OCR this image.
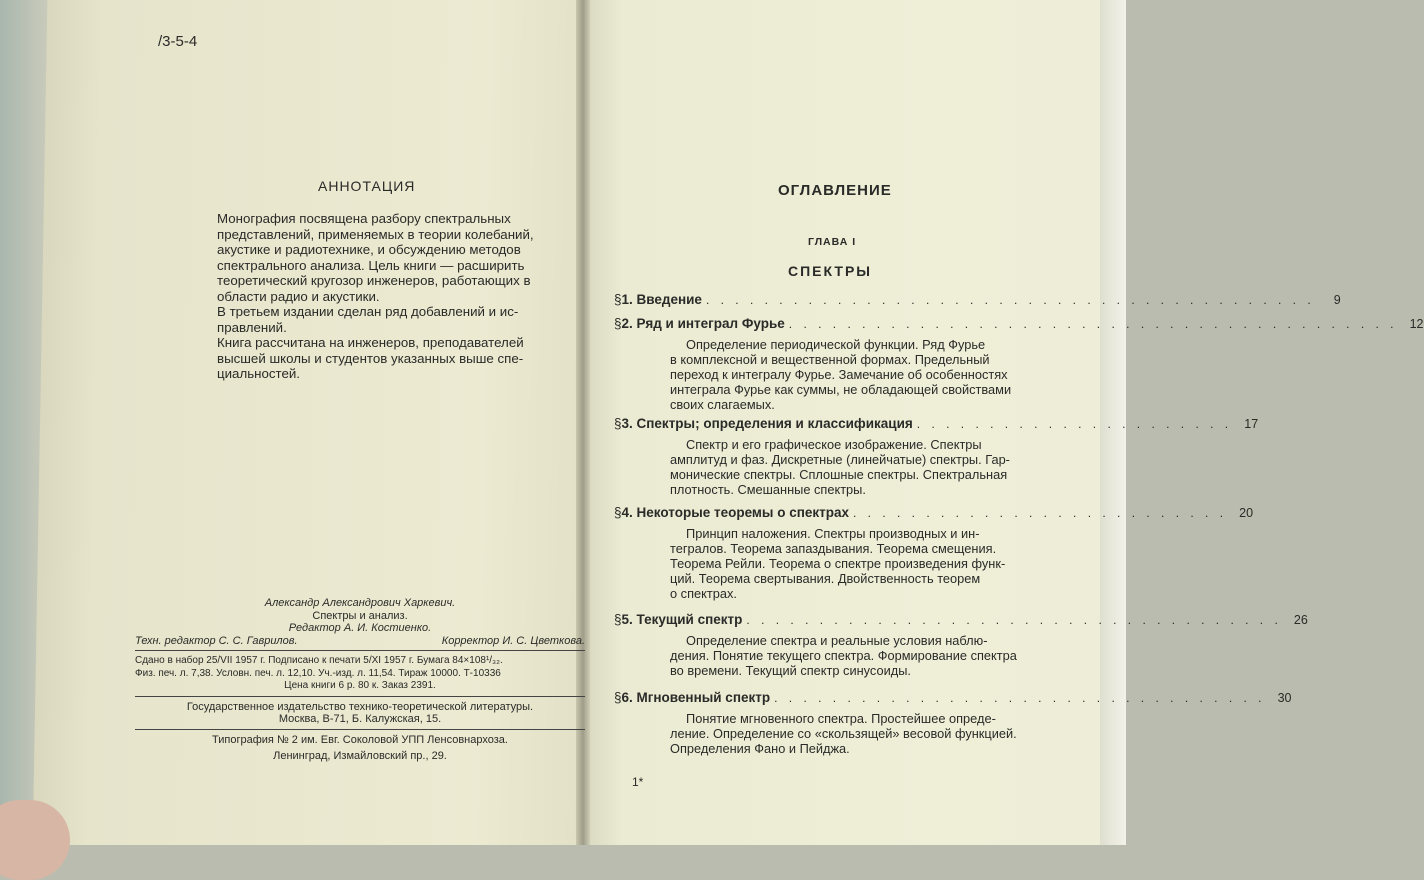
/3-5-4
АННОТАЦИЯ

Монография посвящена разбору спектральных
представлений, применяемых в теории колебаний,
акустике и радиотехнике, и обсуждению методов
спектрального анализа. Цель книги — расширить
теоретический кругозор инженеров, работающих в
области радио и акустики.

В третьем издании сделан ряд добавлений и ис-
правлений.

Книга рассчитана на инженеров, преподавателей
высшей школы и студентов указанных выше спе-
циальностей.

Александр Александрович Харкевич.
Спектры и анализ.
Редактор А. И. Костиенко.
Техн. редактор С. С. Гаврилов.	Корректор И. С. Цветкова.
Сдано в набор 25/VII 1957 г. Подписано к печати 5/XI 1957 г. Бумага 84×108¹/₃₂.
Физ. печ. л. 7,38. Условн. печ. л. 12,10. Уч.-изд. л. 11,54. Тираж 10000. Т-10336
Цена книги 6 р. 80 к. Заказ 2391.
Государственное издательство технико-теоретической литературы.
Москва, В-71, Б. Калужская, 15.
Типография № 2 им. Евг. Соколовой УПП Ленсовнархоза.
Ленинград, Измайловский пр., 29.
ОГЛАВЛЕНИЕ
ГЛАВА I
СПЕКТРЫ
§ 1. Введение . . . . . . . . . . . . . . . . . . . . . . . . . . . . . . . . . . . . . . . . . .	9
§ 2. Ряд и интеграл Фурье . . . . . . . . . . . . . . . . . . . . . . . . . . . . . . . . . . . . . . . . . . 12
Определение периодической функции. Ряд Фурье
в комплексной и вещественной формах. Предельный
переход к интегралу Фурье. Замечание об особенностях
интеграла Фурье как суммы, не обладающей свойствами
своих слагаемых.
§ 3. Спектры; определения и классификация . . . . . . . . . . . . . . . . . . . . . . 17
Спектр и его графическое изображение. Спектры
амплитуд и фаз. Дискретные (линейчатые) спектры. Гар-
монические спектры. Сплошные спектры. Спектральная
плотность. Смешанные спектры.
§ 4. Некоторые теоремы о спектрах . . . . . . . . . . . . . . . . . . . . . . . . . . 20
Принцип наложения. Спектры производных и ин-
тегралов. Теорема запаздывания. Теорема смещения.
Теорема Рейли. Теорема о спектре произведения функ-
ций. Теорема свертывания. Двойственность теорем
о спектрах.
§ 5. Текущий спектр . . . . . . . . . . . . . . . . . . . . . . . . . . . . . . . . . . . . . 26
Определение спектра и реальные условия наблю-
дения. Понятие текущего спектра. Формирование спектра
во времени. Текущий спектр синусоиды.
§ 6. Мгновенный спектр . . . . . . . . . . . . . . . . . . . . . . . . . . . . . . . . . . 30
Понятие мгновенного спектра. Простейшее опреде-
ление. Определение со «скользящей» весовой функцией.
Определения Фано и Пейджа.
1*
